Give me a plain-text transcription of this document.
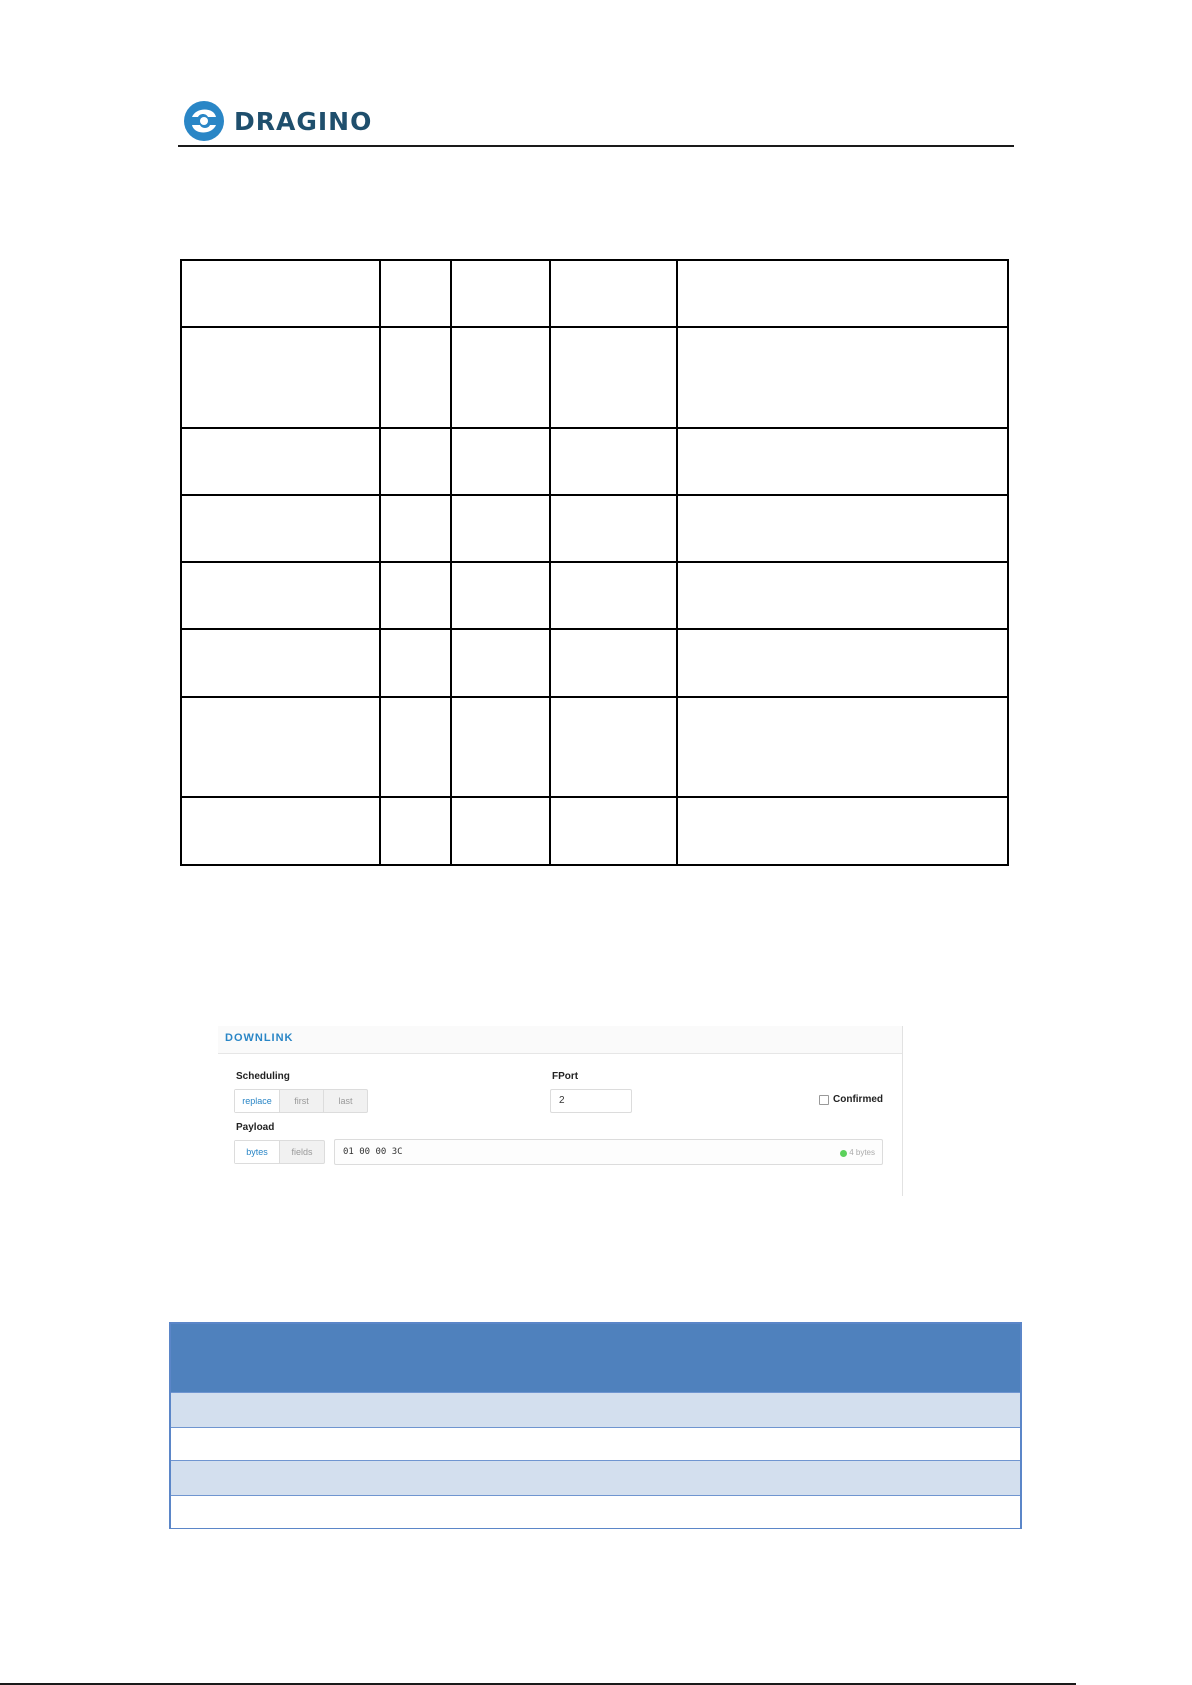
DRAGINO

DOWNLINK
Scheduling
replace	first	last
FPort
2	Confirmed
Payload
bytes	fields	01 00 00 3C	4 bytes
